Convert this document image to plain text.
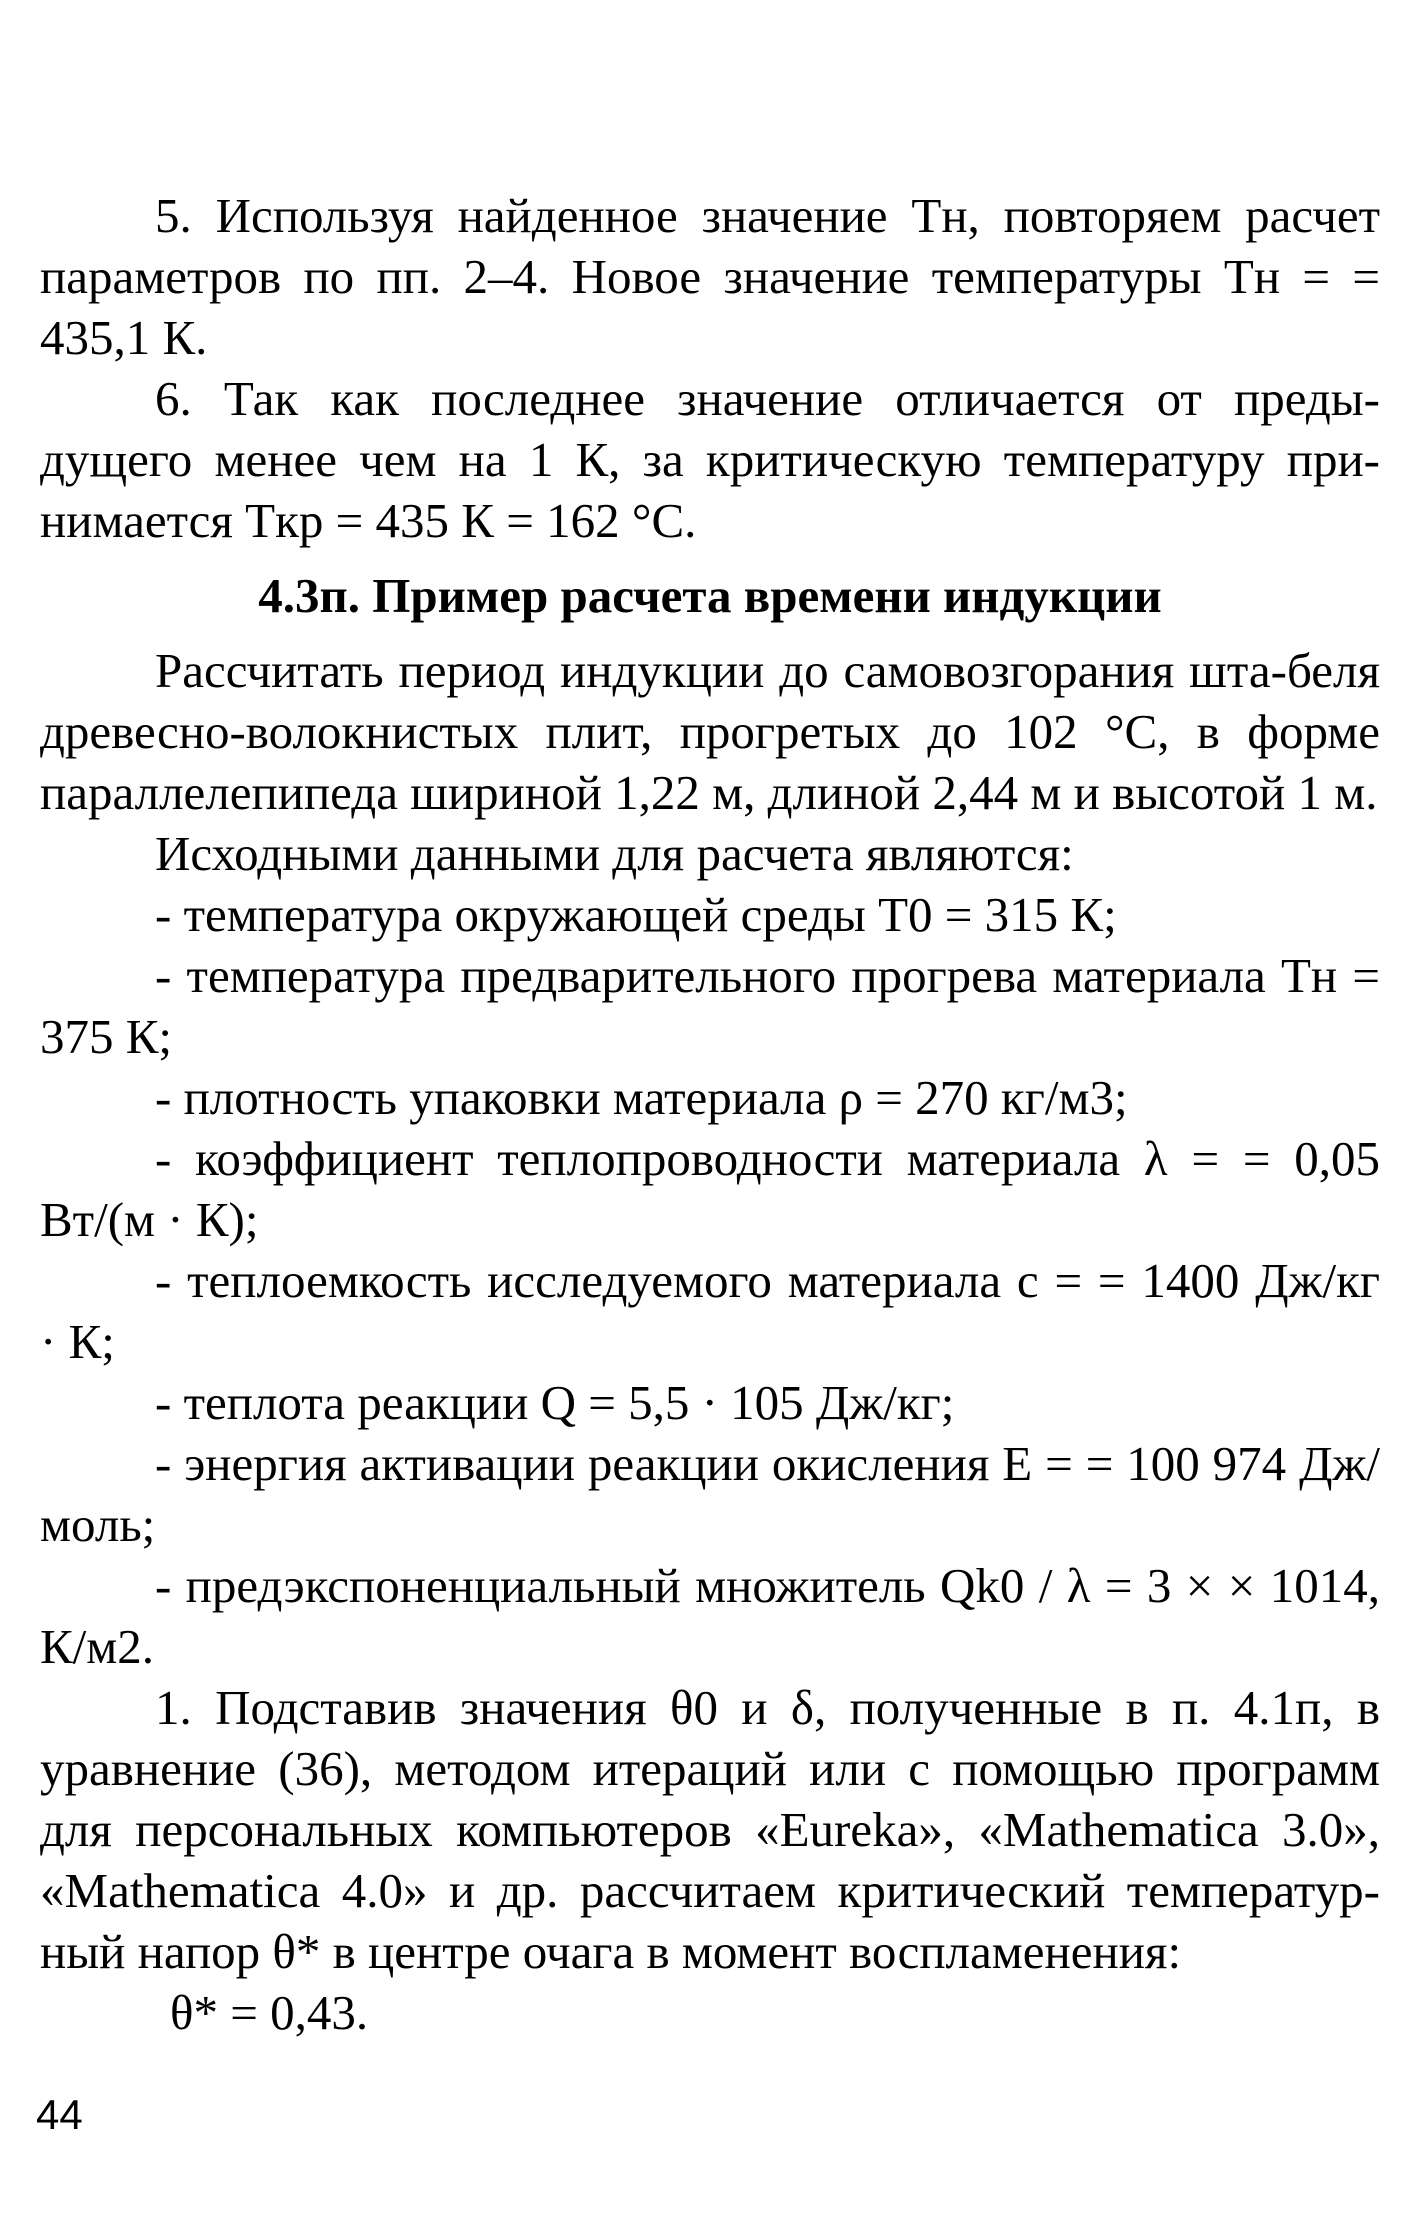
5. Используя найденное значение Tн, повторяем расчет параметров по пп. 2–4. Новое значение температуры Tн = = 435,1 К.

6. Так как последнее значение отличается от преды-дущего менее чем на 1 К, за критическую температуру при-нимается Tкр = 435 К = 162 °С.

4.3п. Пример расчета времени индукции

Рассчитать период индукции до самовозгорания шта-беля древесно-волокнистых плит, прогретых до 102 °С, в форме параллелепипеда шириной 1,22 м, длиной 2,44 м и высотой 1 м.

Исходными данными для расчета являются:

- температура окружающей среды T0 = 315 К;

- температура предварительного прогрева материала Tн = 375 К;

- плотность упаковки материала ρ = 270 кг/м3;

- коэффициент теплопроводности материала λ = = 0,05 Вт/(м · К);

- теплоемкость исследуемого материала c = = 1400 Дж/кг · К;

- теплота реакции Q = 5,5 · 105 Дж/кг;

- энергия активации реакции окисления E = = 100 974 Дж/моль;

- предэкспоненциальный множитель Qk0 / λ = 3 × × 1014, К/м2.

1. Подставив значения θ0 и δ, полученные в п. 4.1п, в уравнение (36), методом итераций или с помощью программ для персональных компьютеров «Eureka», «Mathematica 3.0», «Mathematica 4.0» и др. рассчитаем критический температур-ный напор θ* в центре очага в момент воспламенения:

θ* = 0,43.

44
